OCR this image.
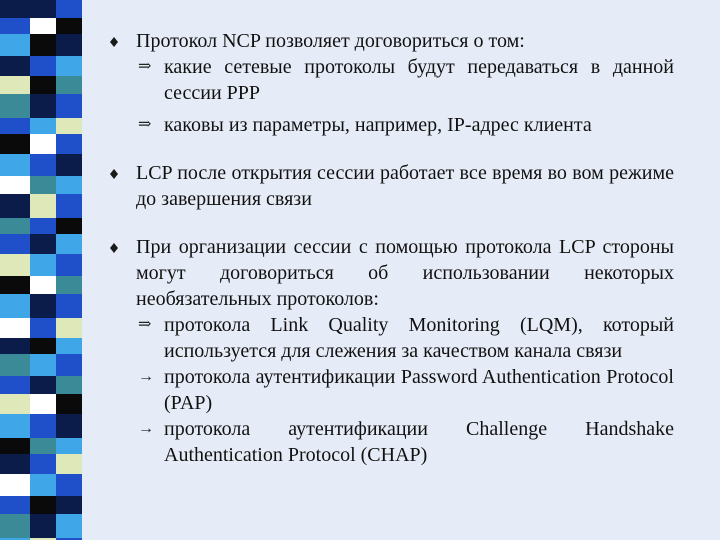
Протокол NCP позволяет договориться о том:
⇒ какие сетевые протоколы будут передаваться в данной сессии PPP
⇒ каковы из параметры, например, IP-адрес клиента
LCP после открытия сессии работает все время во вом режиме до завершения связи
При организации сессии с помощью протокола LCP стороны могут договориться об использовании некоторых необязательных протоколов:
⇒ протокола Link Quality Monitoring (LQM), который используется для слежения за качеством канала связи
→ протокола аутентификации Password Authentication Protocol (PAP)
→ протокола аутентификации Challenge Handshake Authentication Protocol (CHAP)
